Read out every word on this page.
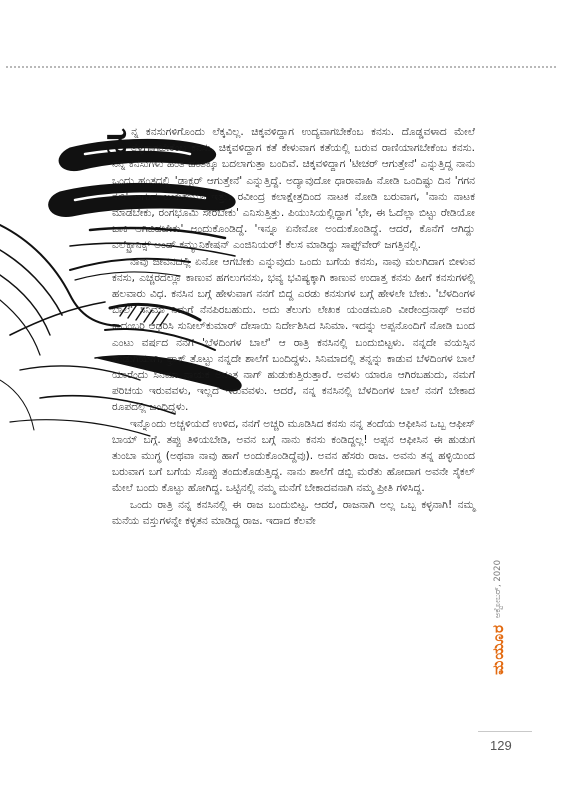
ನನ್ನ ಕನಸುಗಳಿಗೊಂದು ಲೆಕ್ಕವಿಲ್ಲ. ಚಿಕ್ಕವಳಿದ್ದಾಗ ಉದ್ಯವಾಗಬೇಕೆಂಬ ಕನಸು. ದೊಡ್ಡವಳಾದ ಮೇಲೆ ತೆಳ್ಳಗಾಗಬೇಕೆಂಬ ಕನಸು. ಚಿಕ್ಕವಳಿದ್ದಾಗ ಕತೆ ಕೇಳುವಾಗ ಕತೆಯಲ್ಲಿ ಬರುವ ರಾಣಿಯಾಗಬೇಕೆಂಬ ಕನಸು. ನನ್ನ ಕನಸುಗಳು ಹಂತ ಹಂತಕ್ಕೂ ಬದಲಾಗುತ್ತಾ ಬಂದಿವೆ. ಚಿಕ್ಕವಳಿದ್ದಾಗ 'ಟೀಚರ್ ಆಗುತ್ತೇನೆ' ಎನ್ನುತ್ತಿದ್ದ ನಾನು ಒಂದು ಹಂತದಲ್ಲಿ 'ಡಾಕ್ಟರ್ ಆಗುತ್ತೇನೆ' ಎನ್ನುತ್ತಿದ್ದೆ. ಅದ್ಯಾವುದೋ ಧಾರಾವಾಹಿ ನೋಡಿ ಒಂದಿಷ್ಟು ದಿನ 'ಗಗನ ಸಖಿ' ಆಗುವ ಬಯಕೆಯೂ ಇತ್ತು. ರವೀಂದ್ರ ಕಲಾಕ್ಷೇತ್ರದಿಂದ ನಾಟಕ ನೋಡಿ ಬರುವಾಗ, 'ನಾನು ನಾಟಕ ಮಾಡಬೇಕು, ರಂಗಭೂಮಿ ಸೇರಬೇಕು' ಎನಿಸುತ್ತಿತ್ತು. ಪಿಯುಸಿಯಲ್ಲಿದ್ದಾಗ 'ಛೇ, ಈ ಓದೆಲ್ಲಾ ಬಿಟ್ಟು ರೇಡಿಯೋ ಜಾಕಿ ಆಗಿಬಿಡಬೇಕು' ಅಂದುಕೊಂಡಿದ್ದೆ. 'ಇನ್ನೂ ಏನೇನೋ ಅಂದುಕೊಂಡಿದ್ದೆ. ಆದರೆ, ಕೊನೆಗೆ ಆಗಿದ್ದು ಎಲೆಕ್ಟ್ರಾನಿಕ್ಸ್ ಅಂಡ್ ಕಮ್ಯುನಿಕೇಷನ್ ಎಂಜಿನಿಯರ್! ಕೆಲಸ ಮಾಡಿದ್ದು ಸಾಫ್ಟ್‌ವೇರ್ ಜಗತ್ತಿನಲ್ಲಿ.

ನಾವು ಜೀವನದಲ್ಲಿ ಏನೋ ಆಗಬೇಕು ಎನ್ನುವುದು ಒಂದು ಬಗೆಯ ಕನಸು, ನಾವು ಮಲಗಿದಾಗ ಬೀಳುವ ಕನಸು, ಎಚ್ಚರದಲ್ಲೂ ಕಾಣುವ ಹಗಲುಗನಸು, ಭವ್ಯ ಭವಿಷ್ಯಕ್ಕಾಗಿ ಕಾಣುವ ಉದಾತ್ತ ಕನಸು ಹೀಗೆ ಕನಸುಗಳಲ್ಲಿ ಹಲವಾರು ವಿಧ. ಕನಸಿನ ಬಗ್ಗೆ ಹೇಳುವಾಗ ನನಗೆ ಬಿದ್ದ ಎರಡು ಕನಸುಗಳ ಬಗ್ಗೆ ಹೇಳಲೇ ಬೇಕು. 'ಬೆಳದಿಂಗಳ ಬಾಲೆ' ಸಿನಿಮಾ ನಿಮಗೆ ನೆನಪಿರಬಹುದು. ಅದು ತೆಲುಗು ಲೇಖಕ ಯಂಡಮೂರಿ ವೀರೇಂದ್ರನಾಥ್ ಅವರ ಕಾದಂಬರಿ ಆಧರಿಸಿ ಸುನೀಲ್‌ಕುಮಾರ್ ದೇಸಾಯಿ ನಿರ್ದೇಶಿಸಿದ ಸಿನಿಮಾ. ಇದನ್ನು ಅಪ್ಪನೊಂದಿಗೆ ನೋಡಿ ಬಂದ ಎಂಟು ವರ್ಷದ ನನಗೆ 'ಬೆಳದಿಂಗಳ ಬಾಲೆ' ಆ ರಾತ್ರಿ ಕನಸಿನಲ್ಲಿ ಬಂದುಬಿಟ್ಟಳು. ನನ್ನದೇ ವಯಸ್ಸಿನ ಹುಡುಗಿಯಾಗಿ, ಫ್ರಾಕ್ ತೊಟ್ಟು ನನ್ನದೇ ಶಾಲೆಗೆ ಬಂದಿದ್ದಳು. ಸಿನಿಮಾದಲ್ಲಿ ತನ್ನನ್ನು ಕಾಡುವ ಬೆಳದಿಂಗಳ ಬಾಲೆ ಯಾರೆಂದು ಸಿನಿಮಾ ನಾಯಕ ಅನಂತ ನಾಗ್ ಹುಡುಕುತ್ತಿರುತ್ತಾರೆ. ಅವಳು ಯಾರೂ ಆಗಿರಬಹುದು, ನಮಗೆ ಪರಿಚಯ ಇರುವವಳು, ಇಲ್ಲದೆ ಇರುವವಳು. ಆದರೆ, ನನ್ನ ಕನಸಿನಲ್ಲಿ ಬೆಳದಿಂಗಳ ಬಾಲೆ ನನಗೆ ಬೇಕಾದ ರೂಪದಲ್ಲಿ ಬಂದಿದ್ದಳು.

ಇನ್ನೊಂದು ಅಚ್ಚಳಿಯದೆ ಉಳಿದ, ನನಗೆ ಅಚ್ಚರಿ ಮೂಡಿಸಿದ ಕನಸು ನನ್ನ ತಂದೆಯ ಆಫೀಸಿನ ಒಬ್ಬ ಆಫೀಸ್ ಬಾಯ್ ಬಗ್ಗೆ. ತಪ್ಪು ತಿಳಿಯಬೇಡಿ, ಅವನ ಬಗ್ಗೆ ನಾನು ಕನಸು ಕಂಡಿದ್ದಲ್ಲ! ಅಪ್ಪನ ಆಫೀಸಿನ ಈ ಹುಡುಗ ತುಂಬಾ ಮುಗ್ಧ (ಅಥವಾ ನಾವು ಹಾಗೆ ಅಂದುಕೊಂಡಿದ್ದೆವು). ಅವನ ಹೆಸರು ರಾಜ. ಅವನು ತನ್ನ ಹಳ್ಳಿಯಿಂದ ಬರುವಾಗ ಬಗೆ ಬಗೆಯ ಸೊಪ್ಪು ತಂದುಕೊಡುತ್ತಿದ್ದ. ನಾನು ಶಾಲೆಗೆ ಡಬ್ಬಿ ಮರೆತು ಹೋದಾಗ ಅವನೇ ಸೈಕಲ್ ಮೇಲೆ ಬಂದು ಕೊಟ್ಟು ಹೋಗಿದ್ದ. ಒಟ್ಟಿನಲ್ಲಿ ನಮ್ಮ ಮನೆಗೆ ಬೇಕಾದವನಾಗಿ ನಮ್ಮ ಪ್ರೀತಿ ಗಳಿಸಿದ್ದ.

ಒಂದು ರಾತ್ರಿ ನನ್ನ ಕನಸಿನಲ್ಲಿ ಈ ರಾಜ ಬಂದುಬಿಟ್ಟ. ಆದರೆ, ರಾಜನಾಗಿ ಅಲ್ಲ ಒಬ್ಬ ಕಳ್ಳನಾಗಿ! ನಮ್ಮ ಮನೆಯ ವಸ್ತುಗಳನ್ನೇ ಕಳ್ಳತನ ಮಾಡಿದ್ದ ರಾಜ. ಇದಾದ ಕೆಲವೇ

ಅಕ್ಟೋಬರ್, 2020
ಮಯೂರ
129
